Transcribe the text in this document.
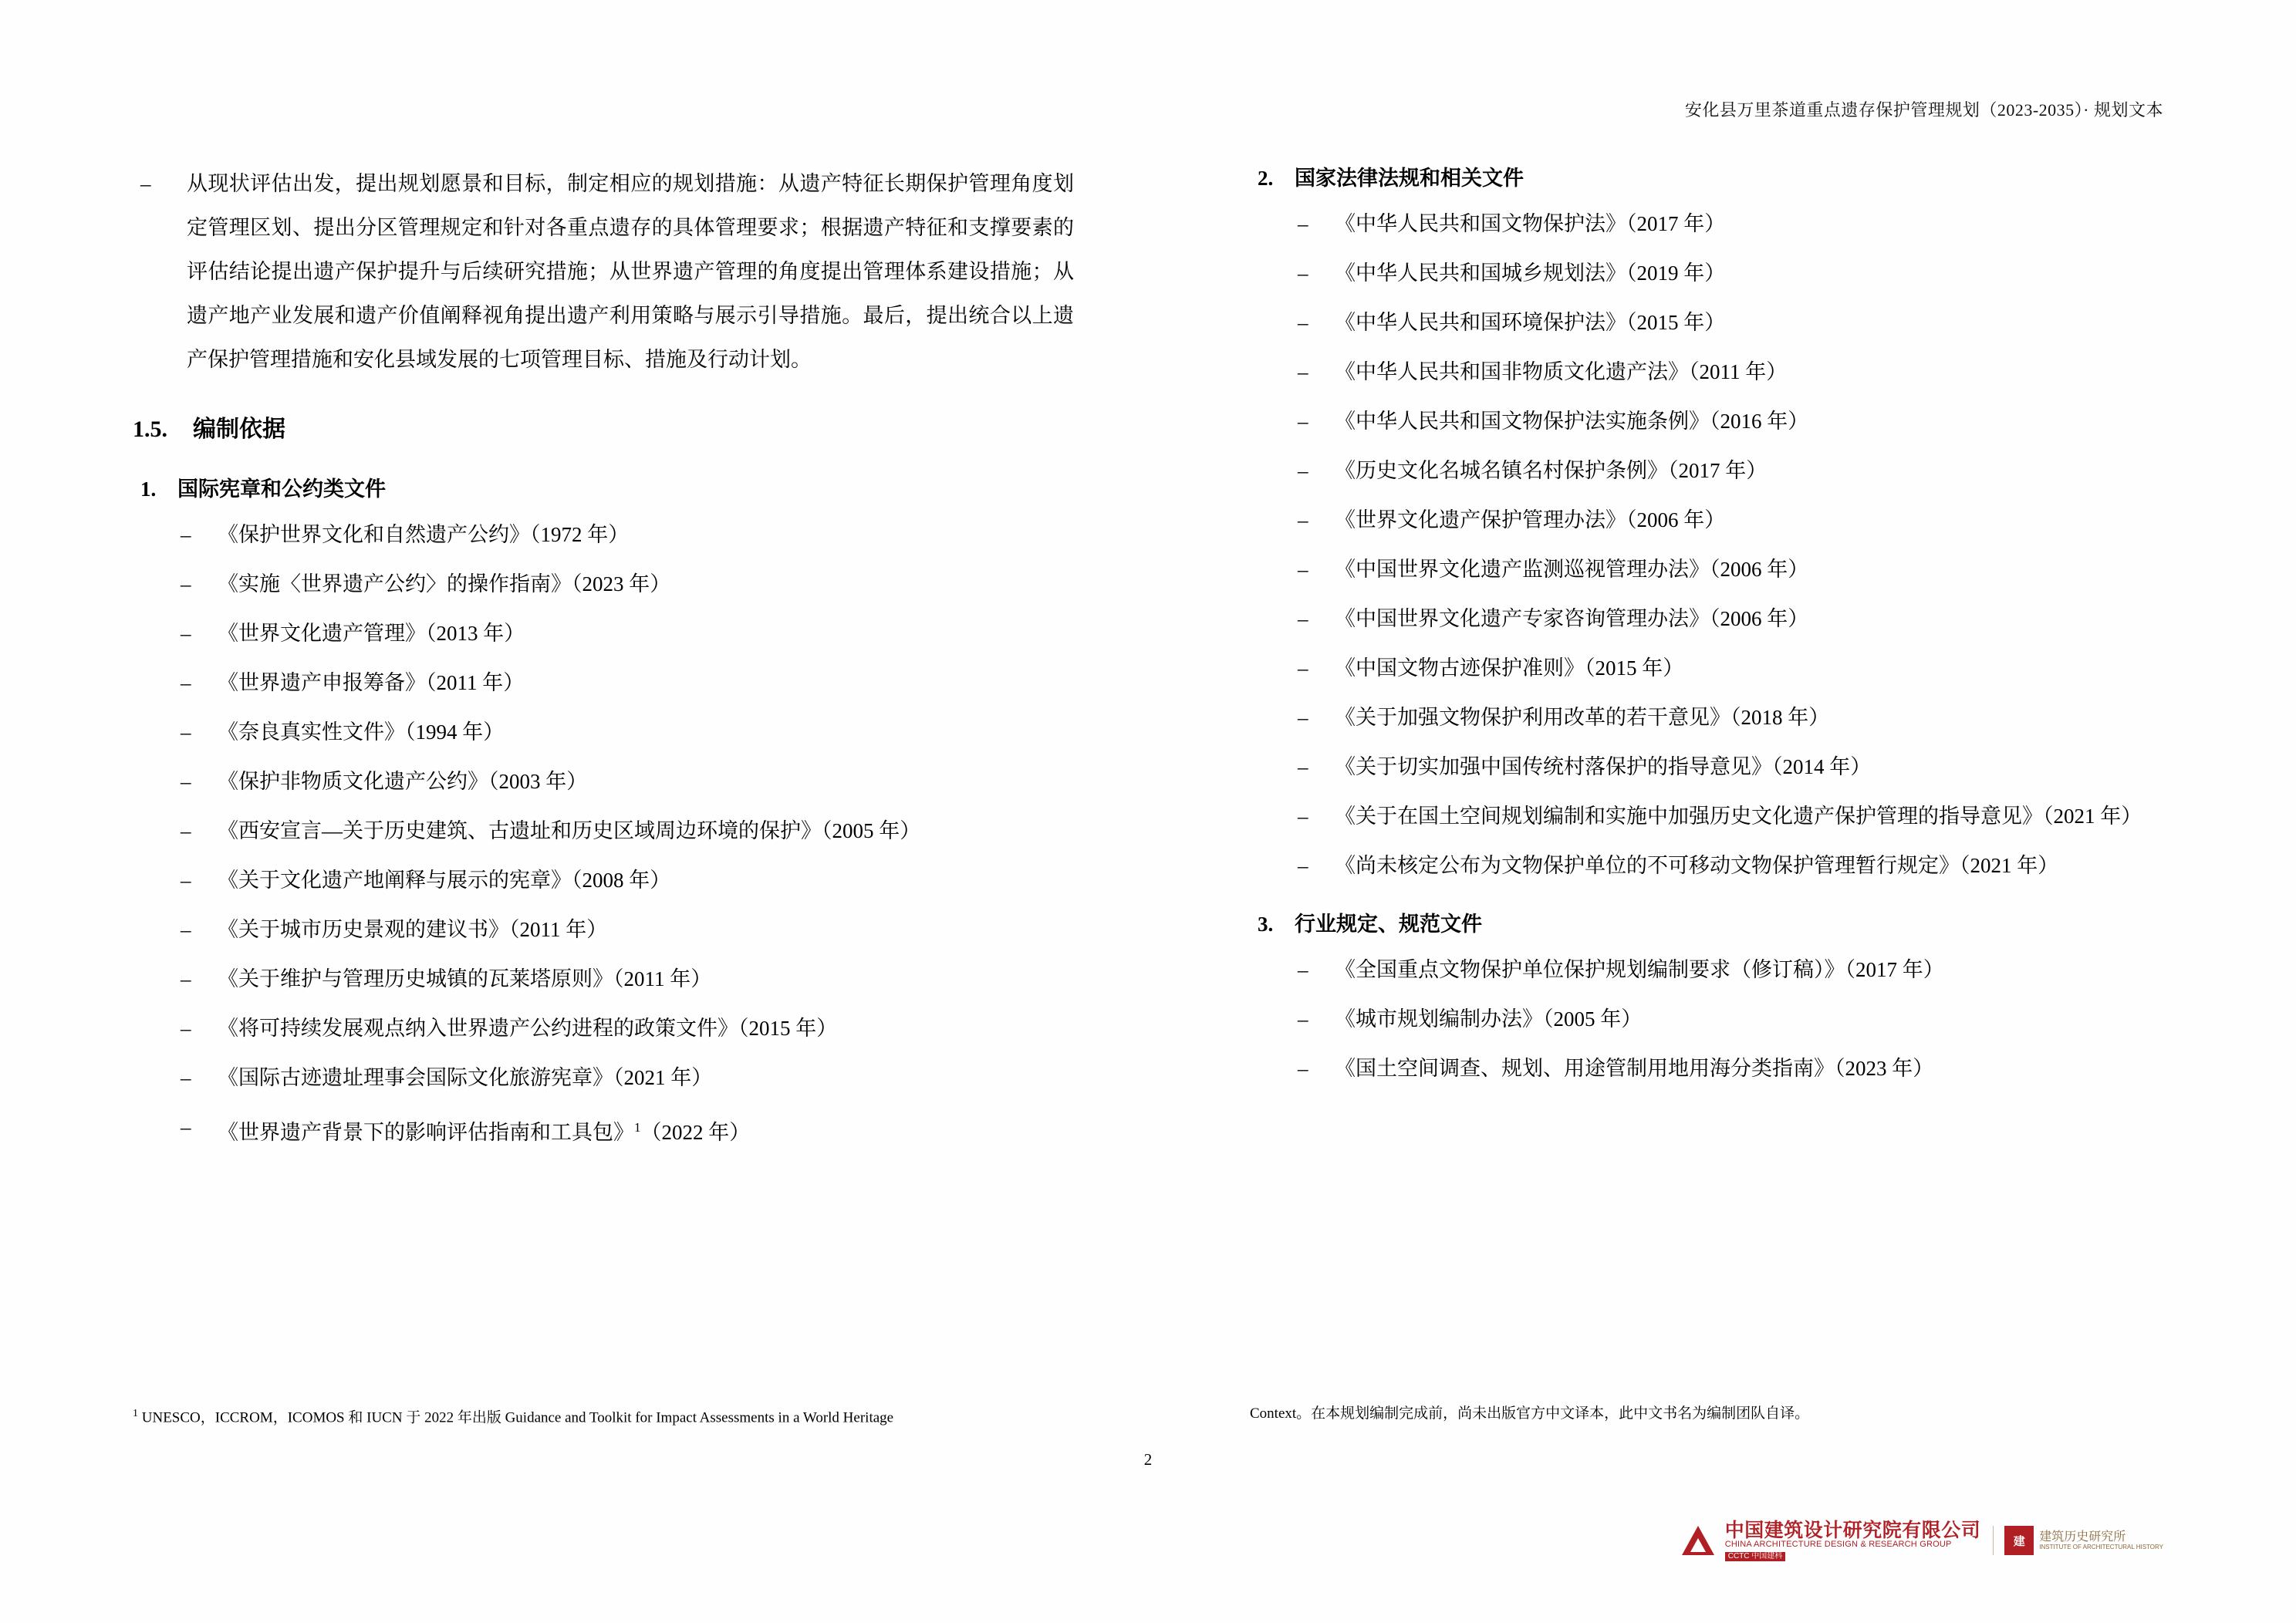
安化县万里茶道重点遗存保护管理规划（2023-2035）· 规划文本
– 从现状评估出发，提出规划愿景和目标，制定相应的规划措施：从遗产特征长期保护管理角度划定管理区划、提出分区管理规定和针对各重点遗存的具体管理要求；根据遗产特征和支撑要素的评估结论提出遗产保护提升与后续研究措施；从世界遗产管理的角度提出管理体系建设措施；从遗产地产业发展和遗产价值阐释视角提出遗产利用策略与展示引导措施。最后，提出统合以上遗产保护管理措施和安化县域发展的七项管理目标、措施及行动计划。
1.5. 编制依据
1. 国际宪章和公约类文件
– 《保护世界文化和自然遗产公约》（1972 年）
– 《实施〈世界遗产公约〉的操作指南》（2023 年）
– 《世界文化遗产管理》（2013 年）
– 《世界遗产申报筹备》（2011 年）
– 《奈良真实性文件》（1994 年）
– 《保护非物质文化遗产公约》（2003 年）
– 《西安宣言—关于历史建筑、古遗址和历史区域周边环境的保护》（2005 年）
– 《关于文化遗产地阐释与展示的宪章》（2008 年）
– 《关于城市历史景观的建议书》（2011 年）
– 《关于维护与管理历史城镇的瓦莱塔原则》（2011 年）
– 《将可持续发展观点纳入世界遗产公约进程的政策文件》（2015 年）
– 《国际古迹遗址理事会国际文化旅游宪章》（2021 年）
– 《世界遗产背景下的影响评估指南和工具包》$^1$（2022 年）
2. 国家法律法规和相关文件
– 《中华人民共和国文物保护法》（2017 年）
– 《中华人民共和国城乡规划法》（2019 年）
– 《中华人民共和国环境保护法》（2015 年）
– 《中华人民共和国非物质文化遗产法》（2011 年）
– 《中华人民共和国文物保护法实施条例》（2016 年）
– 《历史文化名城名镇名村保护条例》（2017 年）
– 《世界文化遗产保护管理办法》（2006 年）
– 《中国世界文化遗产监测巡视管理办法》（2006 年）
– 《中国世界文化遗产专家咨询管理办法》（2006 年）
– 《中国文物古迹保护准则》（2015 年）
– 《关于加强文物保护利用改革的若干意见》（2018 年）
– 《关于切实加强中国传统村落保护的指导意见》（2014 年）
– 《关于在国土空间规划编制和实施中加强历史文化遗产保护管理的指导意见》（2021 年）
– 《尚未核定公布为文物保护单位的不可移动文物保护管理暂行规定》（2021 年）
3. 行业规定、规范文件
– 《全国重点文物保护单位保护规划编制要求（修订稿）》（2017 年）
– 《城市规划编制办法》（2005 年）
– 《国土空间调查、规划、用途管制用地用海分类指南》（2023 年）
$^1$ UNESCO，ICCROM，ICOMOS 和 IUCN 于 2022 年出版 Guidance and Toolkit for Impact Assessments in a World Heritage	Context。在本规划编制完成前，尚未出版官方中文译本，此中文书名为编制团队自译。
2
中国建筑设计研究院有限公司
CHINA ARCHITECTURE DESIGN & RESEARCH GROUP
CCTC 中国建科
建	建筑历史研究所
INSTITUTE OF ARCHITECTURAL HISTORY
